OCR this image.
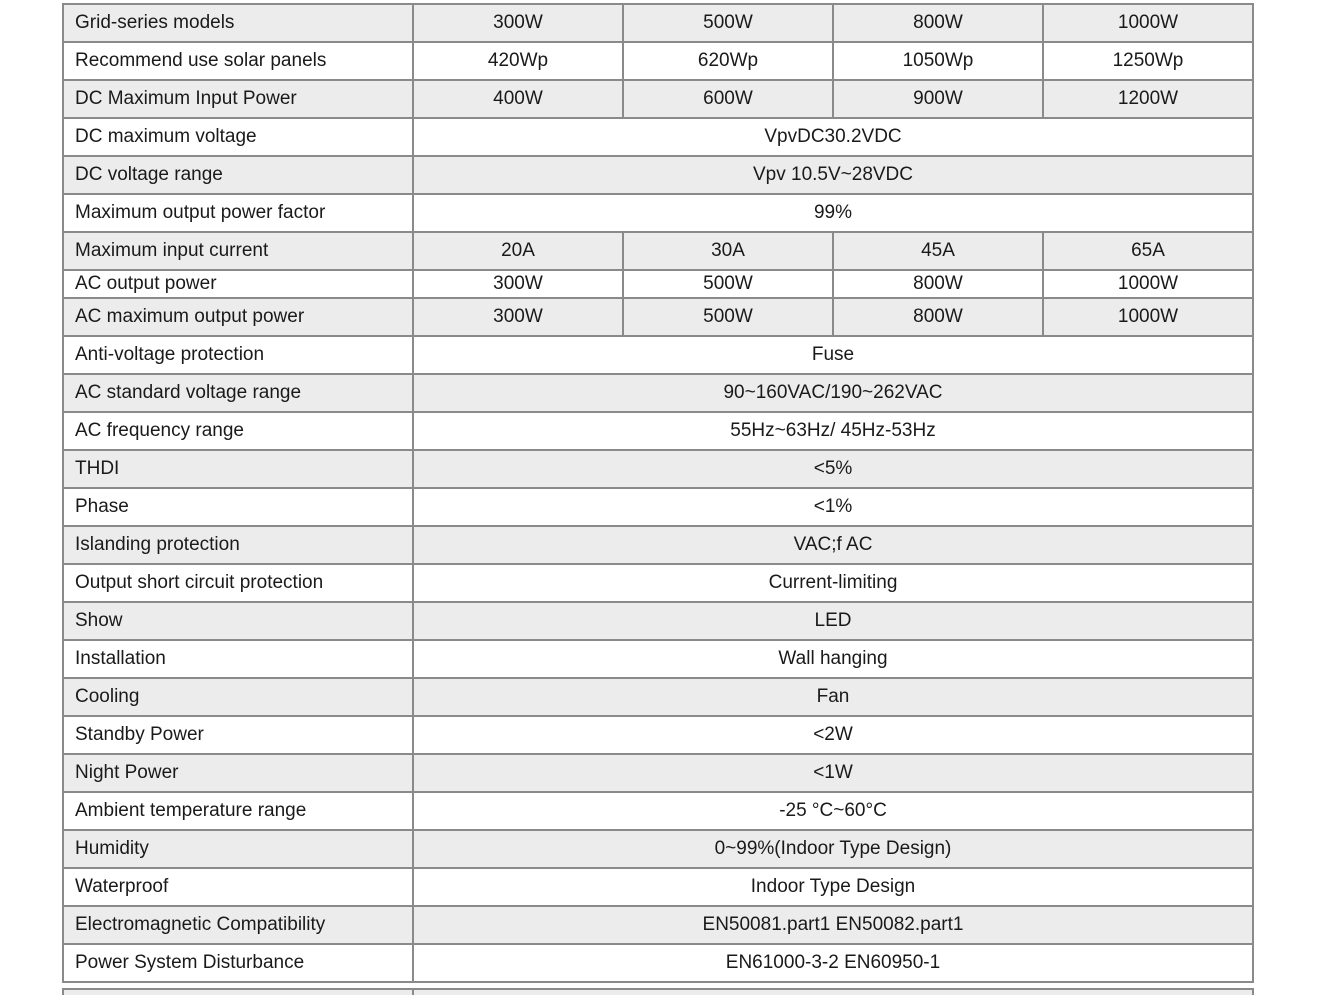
Grid-series models	300W	500W	800W	1000W
Recommend use solar panels	420Wp	620Wp	1050Wp	1250Wp
DC Maximum Input Power	400W	600W	900W	1200W
DC maximum voltage	VpvDC30.2VDC			
DC voltage range	Vpv 10.5V~28VDC			
Maximum output power factor	99%			
Maximum input current	20A	30A	45A	65A
AC output power	300W	500W	800W	1000W
AC maximum output power	300W	500W	800W	1000W
Anti-voltage protection	Fuse			
AC standard voltage range	90~160VAC/190~262VAC			
AC frequency range	55Hz~63Hz/ 45Hz-53Hz			
THDI	<5%			
Phase	<1%			
Islanding protection	VAC;f AC			
Output short circuit protection	Current-limiting			
Show	LED			
Installation	Wall hanging			
Cooling	Fan			
Standby Power	<2W			
Night Power	<1W			
Ambient temperature range	-25 °C~60°C			
Humidity	0~99%(Indoor Type Design)			
Waterproof	Indoor Type Design			
Electromagnetic Compatibility	EN50081.part1 EN50082.part1			
Power System Disturbance	EN61000-3-2 EN60950-1			
